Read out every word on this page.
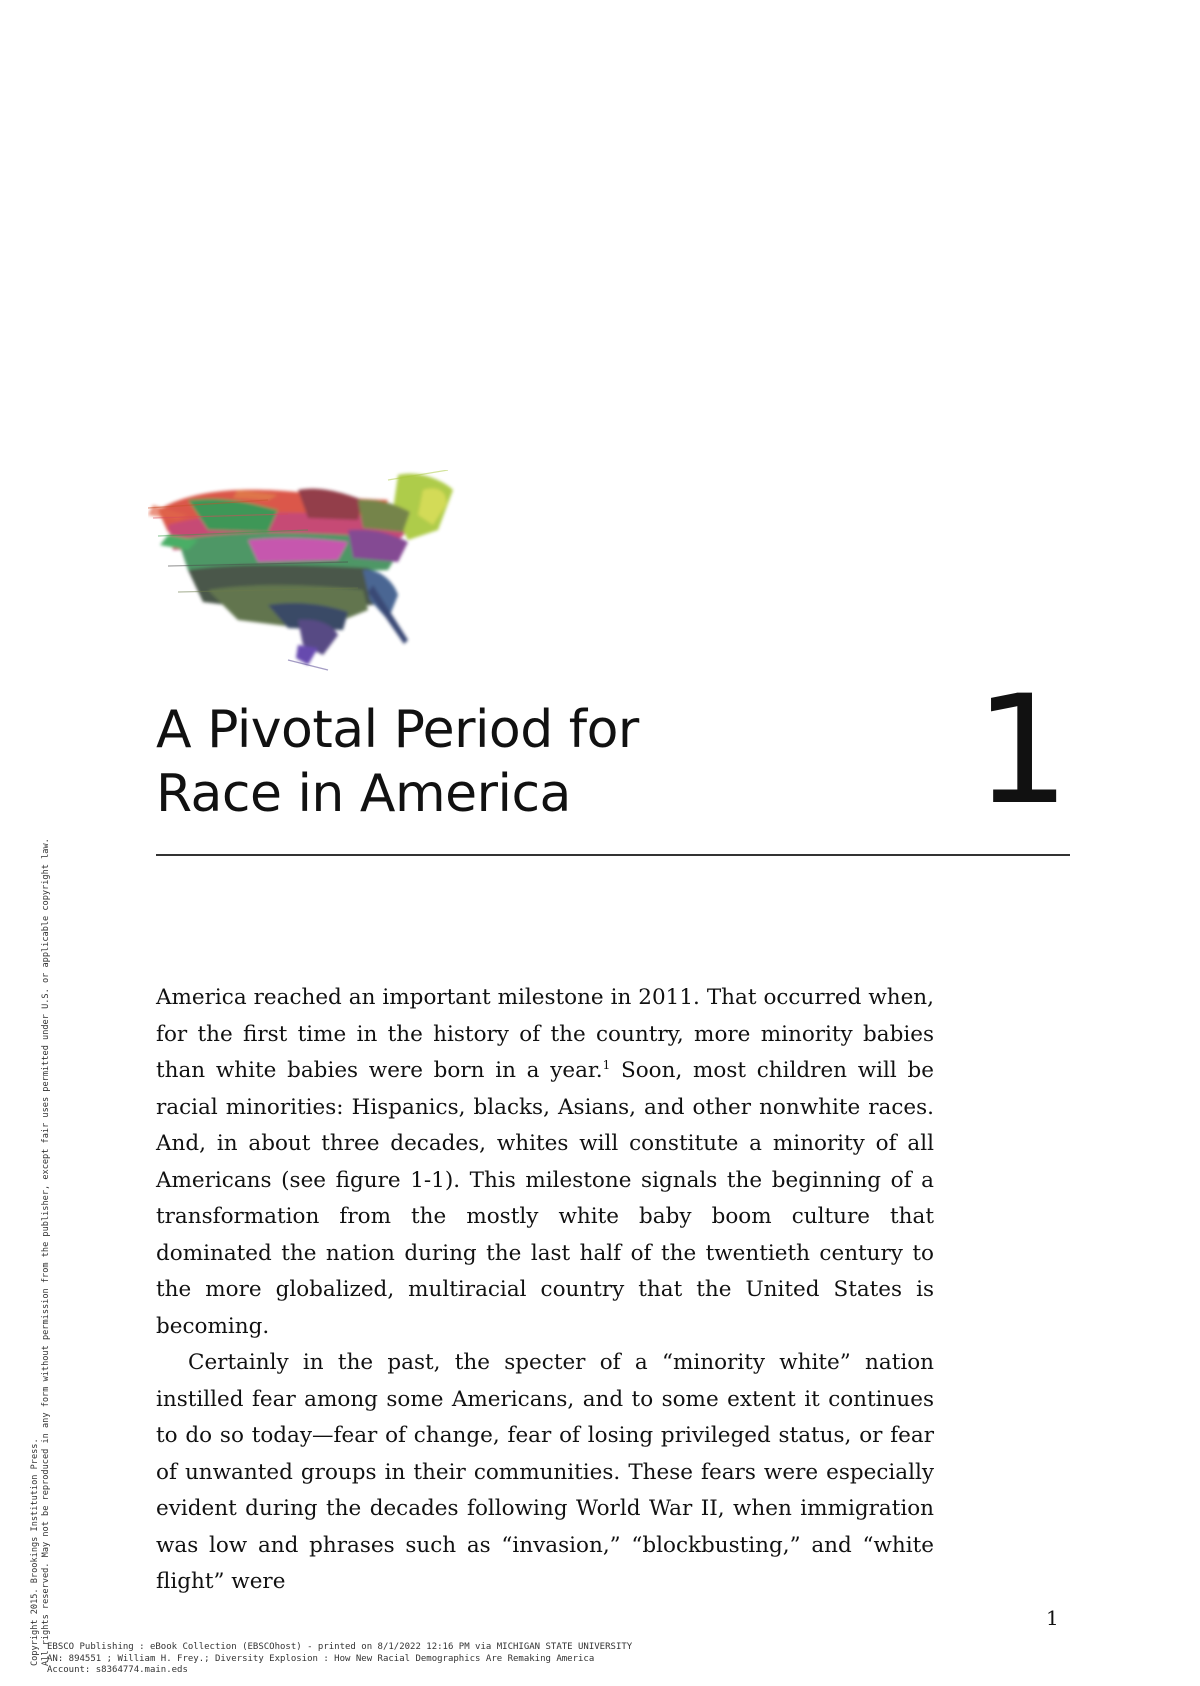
A Pivotal Period for
Race in America	1

America reached an important milestone in 2011. That occurred when, for the first time in the history of the country, more minority babies than white babies were born in a year.$^1$ Soon, most children will be racial minorities: Hispanics, blacks, Asians, and other nonwhite races. And, in about three decades, whites will constitute a minority of all Americans (see figure 1-1). This milestone signals the beginning of a transformation from the mostly white baby boom culture that dominated the nation during the last half of the twentieth century to the more globalized, multiracial country that the United States is becoming.

Certainly in the past, the specter of a “minority white” nation instilled fear among some Americans, and to some extent it continues to do so today—fear of change, fear of losing privileged status, or fear of unwanted groups in their communities. These fears were especially evident during the decades following World War II, when immigration was low and phrases such as “invasion,” “blockbusting,” and “white flight” were

1
Copyright 2015. Brookings Institution Press. All rights reserved. May not be reproduced in any form without permission from the publisher, except fair uses permitted under U.S. or applicable copyright law.
EBSCO Publishing : eBook Collection (EBSCOhost) - printed on 8/1/2022 12:16 PM via MICHIGAN STATE UNIVERSITY
AN: 894551 ; William H. Frey.; Diversity Explosion : How New Racial Demographics Are Remaking America
Account: s8364774.main.eds
